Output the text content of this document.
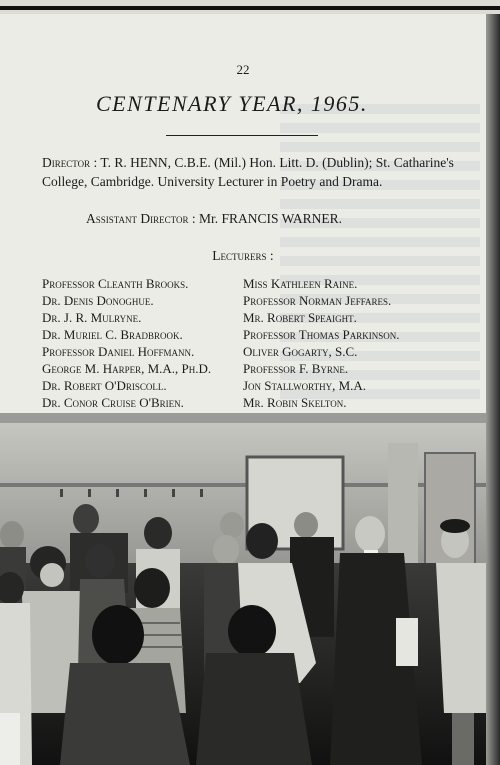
22
CENTENARY YEAR, 1965.
Director : T. R. HENN, C.B.E. (Mil.) Hon. Litt. D. (Dublin); St. Catharine's College, Cambridge. University Lecturer in Poetry and Drama.
Assistant Director : Mr. FRANCIS WARNER.
Lecturers :
Professor Cleanth Brooks.
Dr. Denis Donoghue.
Dr. J. R. Mulryne.
Dr. Muriel C. Bradbrook.
Professor Daniel Hoffmann.
George M. Harper, M.A., Ph.D.
Dr. Robert O'Driscoll.
Dr. Conor Cruise O'Brien.
Miss Kathleen Raine.
Professor Norman Jeffares.
Mr. Robert Speaight.
Professor Thomas Parkinson.
Oliver Gogarty, S.C.
Professor F. Byrne.
Jon Stallworthy, M.A.
Mr. Robin Skelton.
